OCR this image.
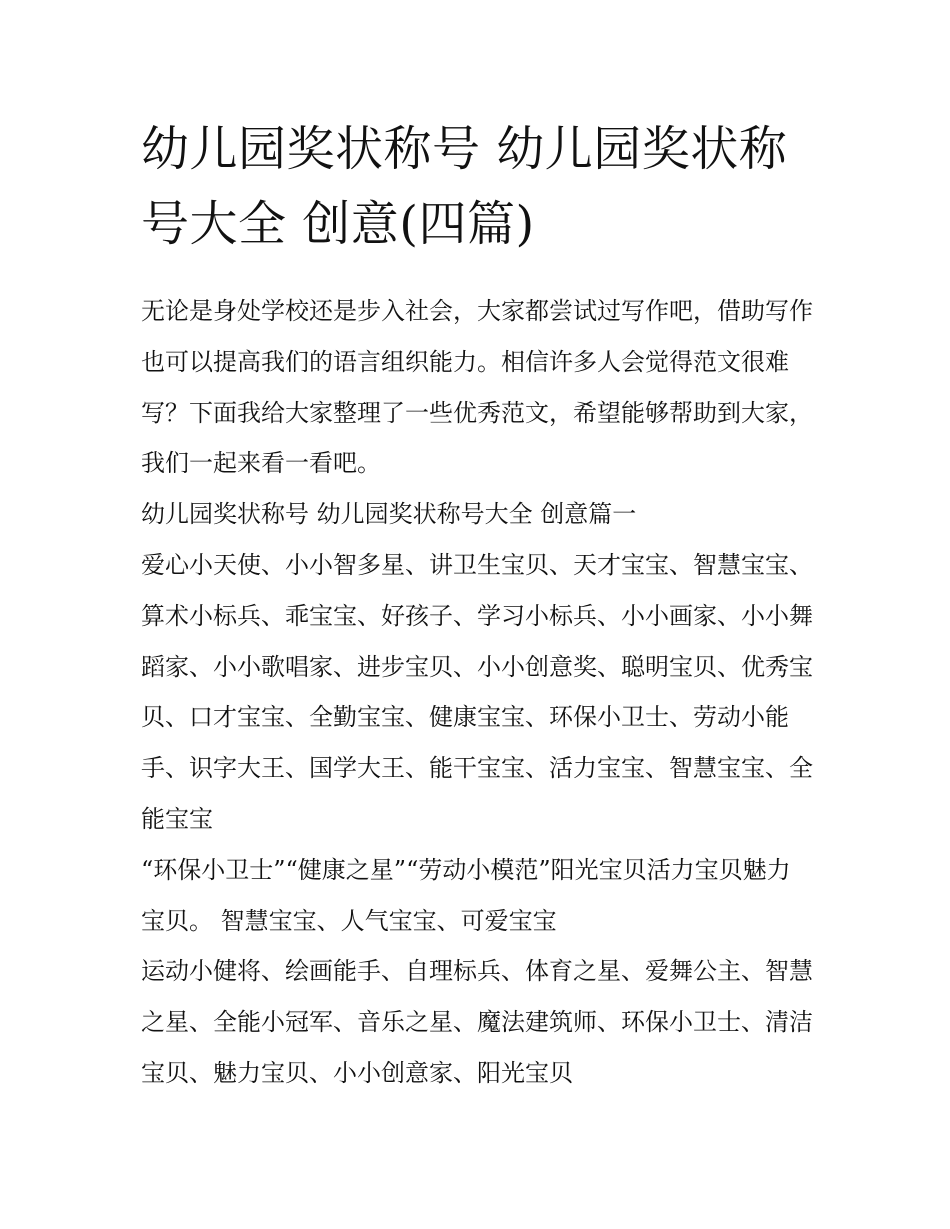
幼儿园奖状称号 幼儿园奖状称号大全 创意(四篇)

无论是身处学校还是步入社会，大家都尝试过写作吧，借助写作也可以提高我们的语言组织能力。相信许多人会觉得范文很难写？下面我给大家整理了一些优秀范文，希望能够帮助到大家，我们一起来看一看吧。

幼儿园奖状称号 幼儿园奖状称号大全 创意篇一

爱心小天使、小小智多星、讲卫生宝贝、天才宝宝、智慧宝宝、算术小标兵、乖宝宝、好孩子、学习小标兵、小小画家、小小舞蹈家、小小歌唱家、进步宝贝、小小创意奖、聪明宝贝、优秀宝贝、口才宝宝、全勤宝宝、健康宝宝、环保小卫士、劳动小能手、识字大王、国学大王、能干宝宝、活力宝宝、智慧宝宝、全能宝宝

“环保小卫士”“健康之星”“劳动小模范”阳光宝贝活力宝贝魅力宝贝。 智慧宝宝、人气宝宝、可爱宝宝

运动小健将、绘画能手、自理标兵、体育之星、爱舞公主、智慧之星、全能小冠军、音乐之星、魔法建筑师、环保小卫士、清洁宝贝、魅力宝贝、小小创意家、阳光宝贝
